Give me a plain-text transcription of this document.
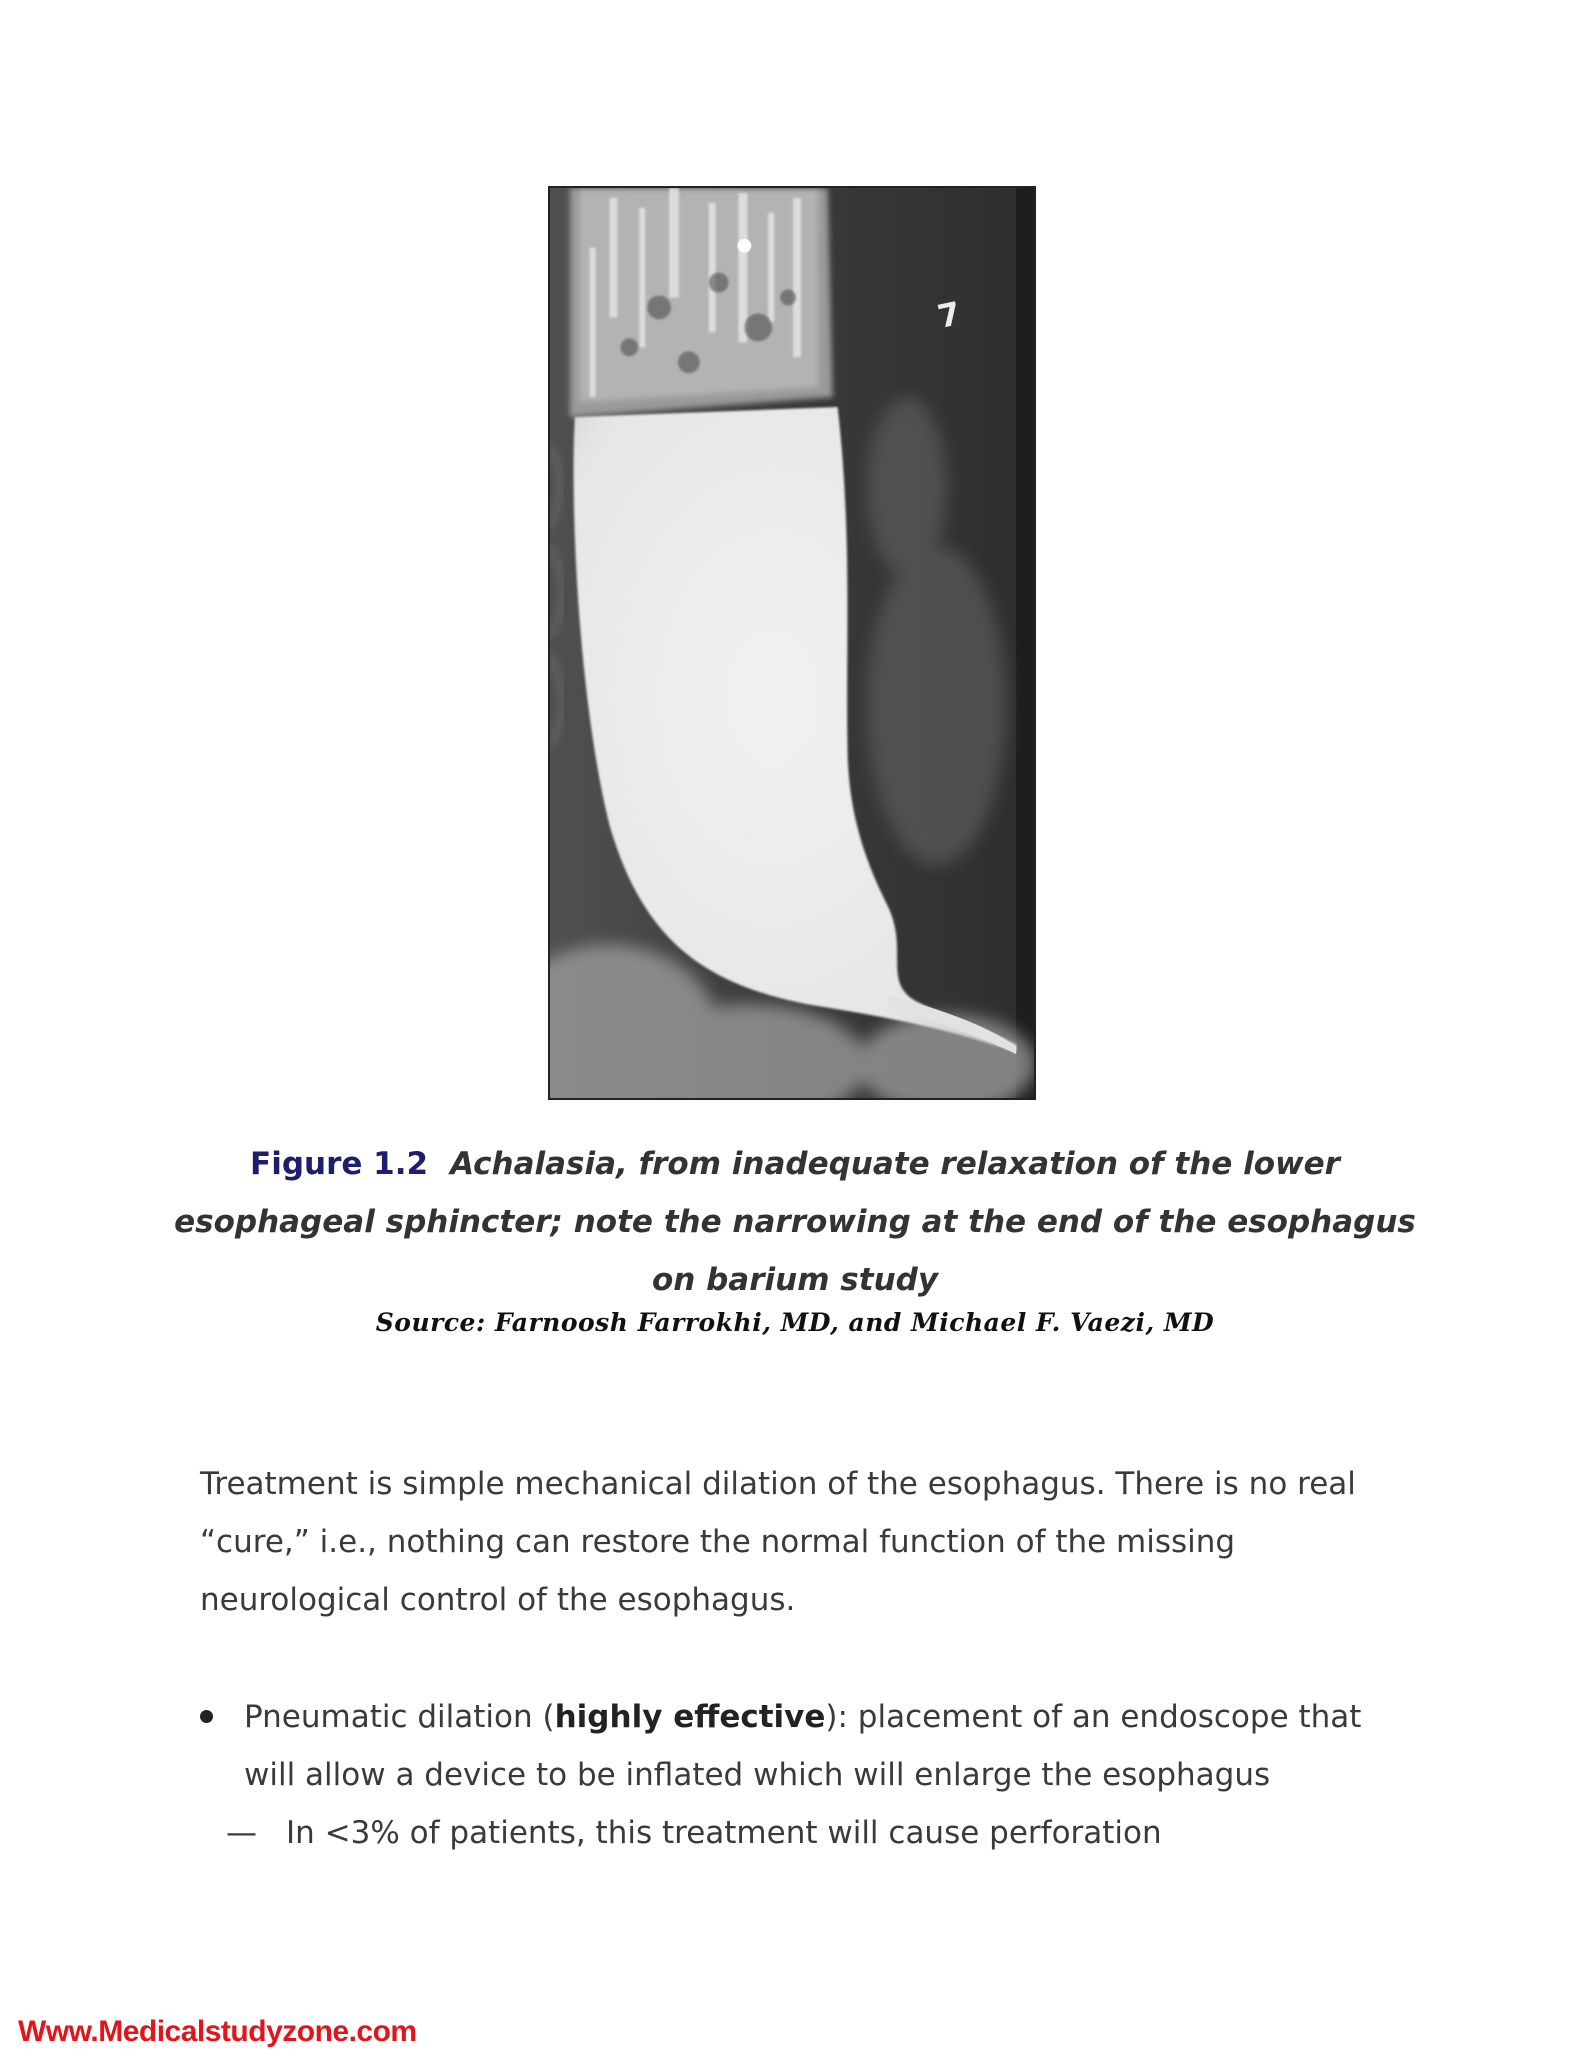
7
Figure 1.2 Achalasia, from inadequate relaxation of the lower esophageal sphincter; note the narrowing at the end of the esophagus on barium study
Source: Farnoosh Farrokhi, MD, and Michael F. Vaezi, MD

Treatment is simple mechanical dilation of the esophagus. There is no real “cure,” i.e., nothing can restore the normal function of the missing neurological control of the esophagus.

Pneumatic dilation (highly effective): placement of an endoscope that will allow a device to be inflated which will enlarge the esophagus
— In <3% of patients, this treatment will cause perforation
Www.Medicalstudyzone.com
